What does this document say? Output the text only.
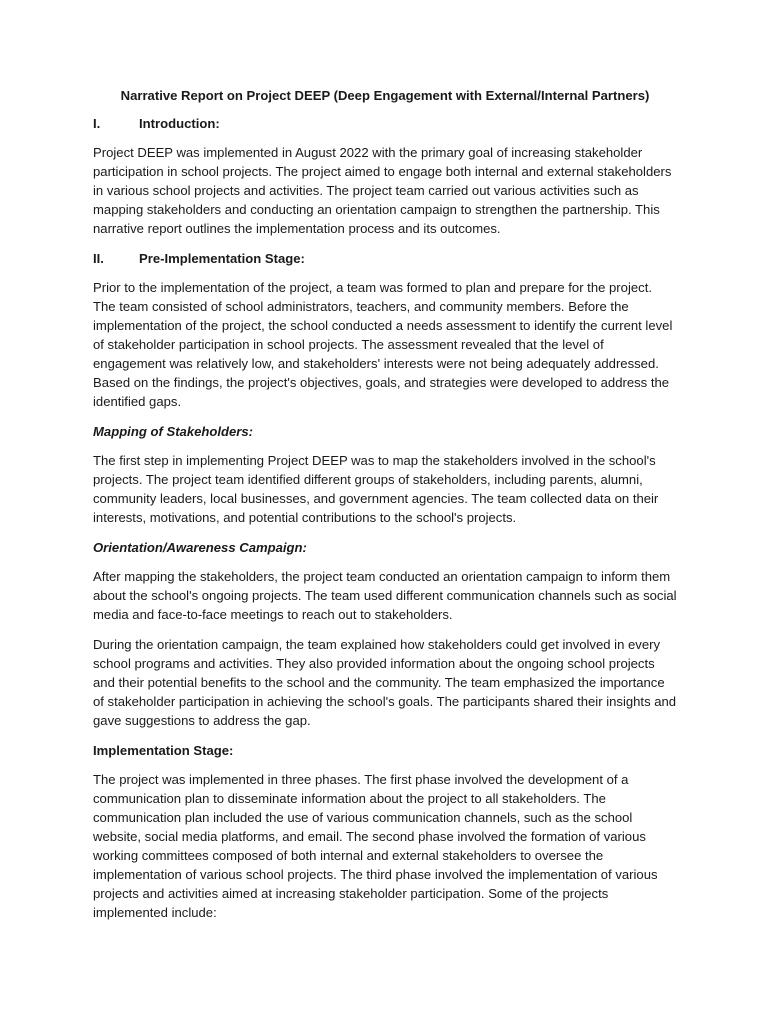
Narrative Report on Project DEEP (Deep Engagement with External/Internal Partners)
I.	Introduction:

Project DEEP was implemented in August 2022 with the primary goal of increasing stakeholder participation in school projects. The project aimed to engage both internal and external stakeholders in various school projects and activities. The project team carried out various activities such as mapping stakeholders and conducting an orientation campaign to strengthen the partnership. This narrative report outlines the implementation process and its outcomes.

II.	Pre-Implementation Stage:

Prior to the implementation of the project, a team was formed to plan and prepare for the project. The team consisted of school administrators, teachers, and community members. Before the implementation of the project, the school conducted a needs assessment to identify the current level of stakeholder participation in school projects. The assessment revealed that the level of engagement was relatively low, and stakeholders' interests were not being adequately addressed. Based on the findings, the project's objectives, goals, and strategies were developed to address the identified gaps.

Mapping of Stakeholders:

The first step in implementing Project DEEP was to map the stakeholders involved in the school's projects. The project team identified different groups of stakeholders, including parents, alumni, community leaders, local businesses, and government agencies. The team collected data on their interests, motivations, and potential contributions to the school's projects.

Orientation/Awareness Campaign:

After mapping the stakeholders, the project team conducted an orientation campaign to inform them about the school's ongoing projects. The team used different communication channels such as social media and face-to-face meetings to reach out to stakeholders.

During the orientation campaign, the team explained how stakeholders could get involved in every school programs and activities. They also provided information about the ongoing school projects and their potential benefits to the school and the community. The team emphasized the importance of stakeholder participation in achieving the school's goals. The participants shared their insights and gave suggestions to address the gap.

Implementation Stage:

The project was implemented in three phases. The first phase involved the development of a communication plan to disseminate information about the project to all stakeholders. The communication plan included the use of various communication channels, such as the school website, social media platforms, and email. The second phase involved the formation of various working committees composed of both internal and external stakeholders to oversee the implementation of various school projects. The third phase involved the implementation of various projects and activities aimed at increasing stakeholder participation. Some of the projects implemented include:
